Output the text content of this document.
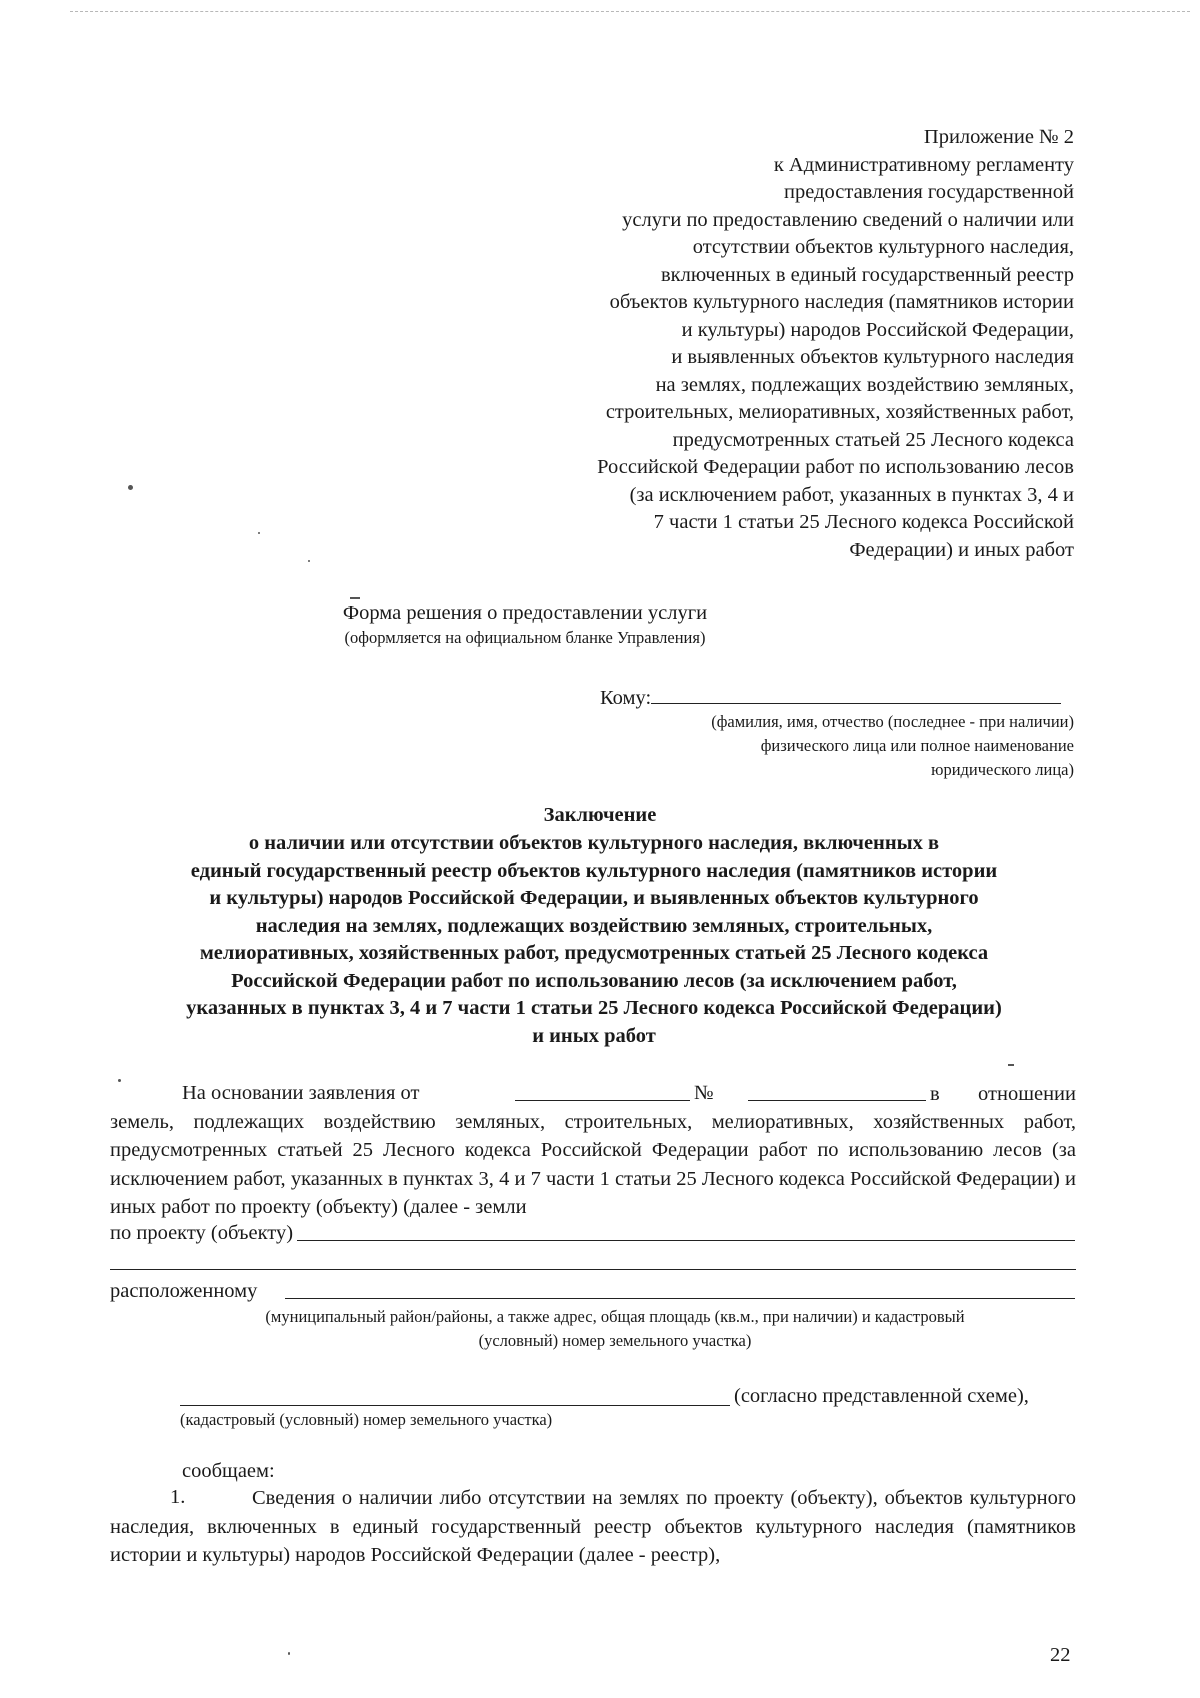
Приложение № 2
к Административному регламенту
предоставления государственной
услуги по предоставлению сведений о наличии или
отсутствии объектов культурного наследия,
включенных в единый государственный реестр
объектов культурного наследия (памятников истории
и культуры) народов Российской Федерации,
и выявленных объектов культурного наследия
на землях, подлежащих воздействию земляных,
строительных, мелиоративных, хозяйственных работ,
предусмотренных статьей 25 Лесного кодекса
Российской Федерации работ по использованию лесов
(за исключением работ, указанных в пунктах 3, 4 и
7 части 1 статьи 25 Лесного кодекса Российской
Федерации) и иных работ
Форма решения о предоставлении услуги
(оформляется на официальном бланке Управления)
Кому:
(фамилия, имя, отчество (последнее - при наличии)
физического лица или полное наименование
юридического лица)
Заключение
о наличии или отсутствии объектов культурного наследия, включенных в
единый государственный реестр объектов культурного наследия (памятников истории
и культуры) народов Российской Федерации, и выявленных объектов культурного
наследия на землях, подлежащих воздействию земляных, строительных,
мелиоративных, хозяйственных работ, предусмотренных статьей 25 Лесного кодекса
Российской Федерации работ по использованию лесов (за исключением работ,
указанных в пунктах 3, 4 и 7 части 1 статьи 25 Лесного кодекса Российской Федерации)
и иных работ
На основании заявления от	№	в отношении земель, подлежащих воздействию земляных, строительных, мелиоративных, хозяйственных работ, предусмотренных статьей 25 Лесного кодекса Российской Федерации работ по использованию лесов (за исключением работ, указанных в пунктах 3, 4 и 7 части 1 статьи 25 Лесного кодекса Российской Федерации) и иных работ по проекту (объекту) (далее - земли
по проекту (объекту)
расположенному
(муниципальный район/районы, а также адрес, общая площадь (кв.м., при наличии) и кадастровый
(условный) номер земельного участка)
(согласно представленной схеме),
(кадастровый (условный) номер земельного участка)
сообщаем:
1.	Сведения о наличии либо отсутствии на землях по проекту (объекту), объектов культурного наследия, включенных в единый государственный реестр объектов культурного наследия (памятников истории и культуры) народов Российской Федерации (далее - реестр),
22
